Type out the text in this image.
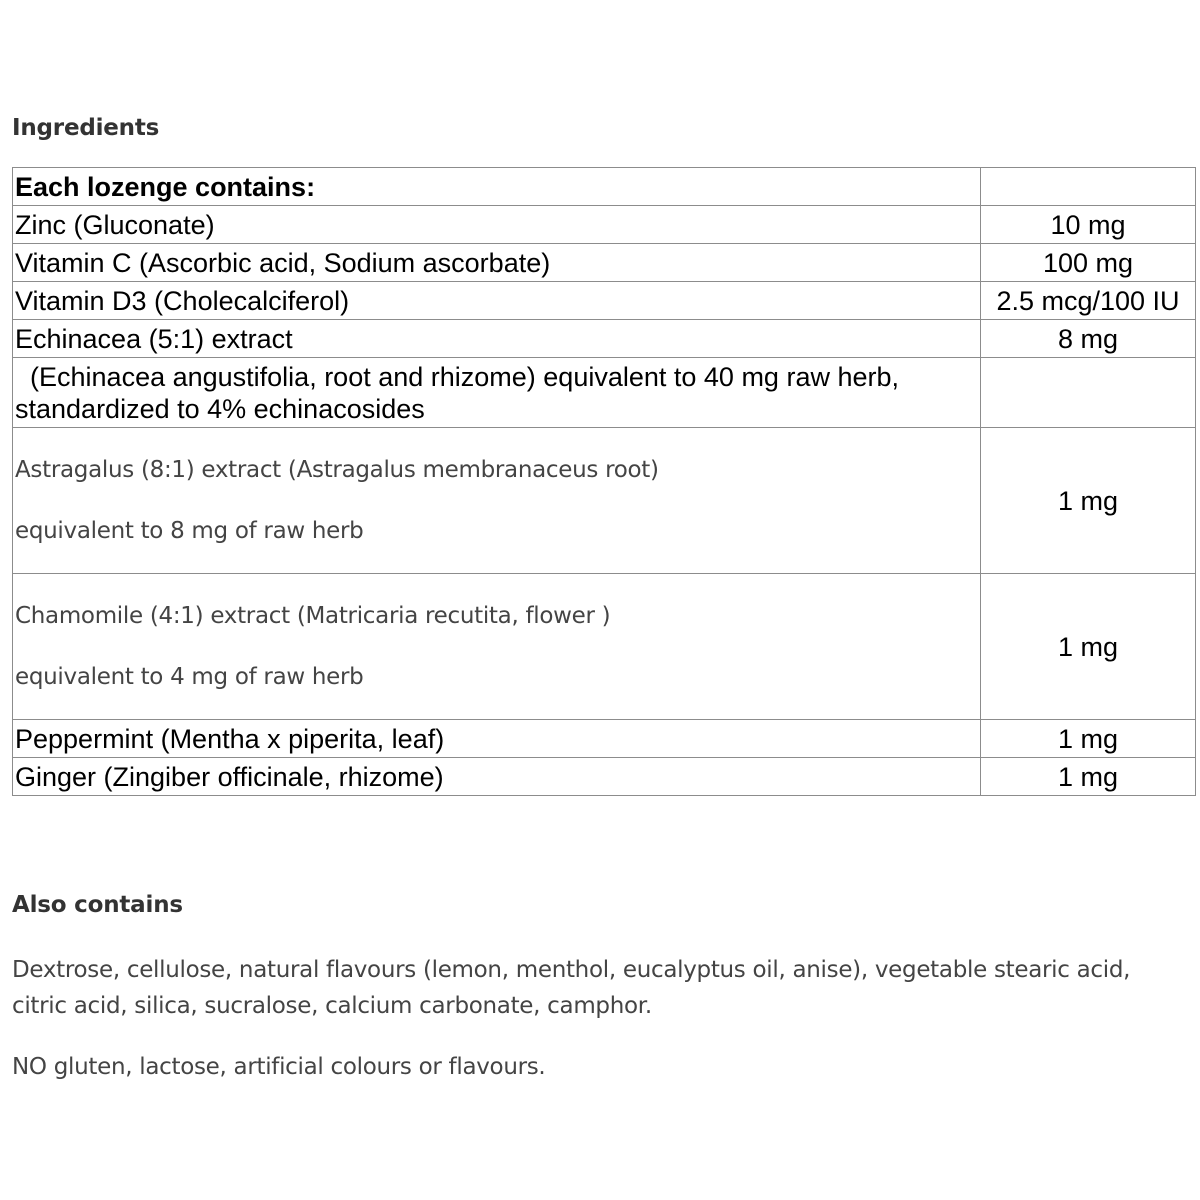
Ingredients
Each lozenge contains:	
Zinc (Gluconate)	10 mg
Vitamin C (Ascorbic acid, Sodium ascorbate)	100 mg
Vitamin D3 (Cholecalciferol)	2.5 mcg/100 IU
Echinacea (5:1) extract	8 mg
(Echinacea angustifolia, root and rhizome) equivalent to 40 mg raw herb, standardized to 4% echinacosides	

Astragalus (8:1) extract (Astragalus membranaceus root)
equivalent to 8 mg of raw herb	1 mg

Chamomile (4:1) extract (Matricaria recutita, flower )
equivalent to 4 mg of raw herb	1 mg
Peppermint (Mentha x piperita, leaf)	1 mg
Ginger (Zingiber officinale, rhizome)	1 mg
Also contains
Dextrose, cellulose, natural flavours (lemon, menthol, eucalyptus oil, anise), vegetable stearic acid, citric acid, silica, sucralose, calcium carbonate, camphor.
NO gluten, lactose, artificial colours or flavours.
